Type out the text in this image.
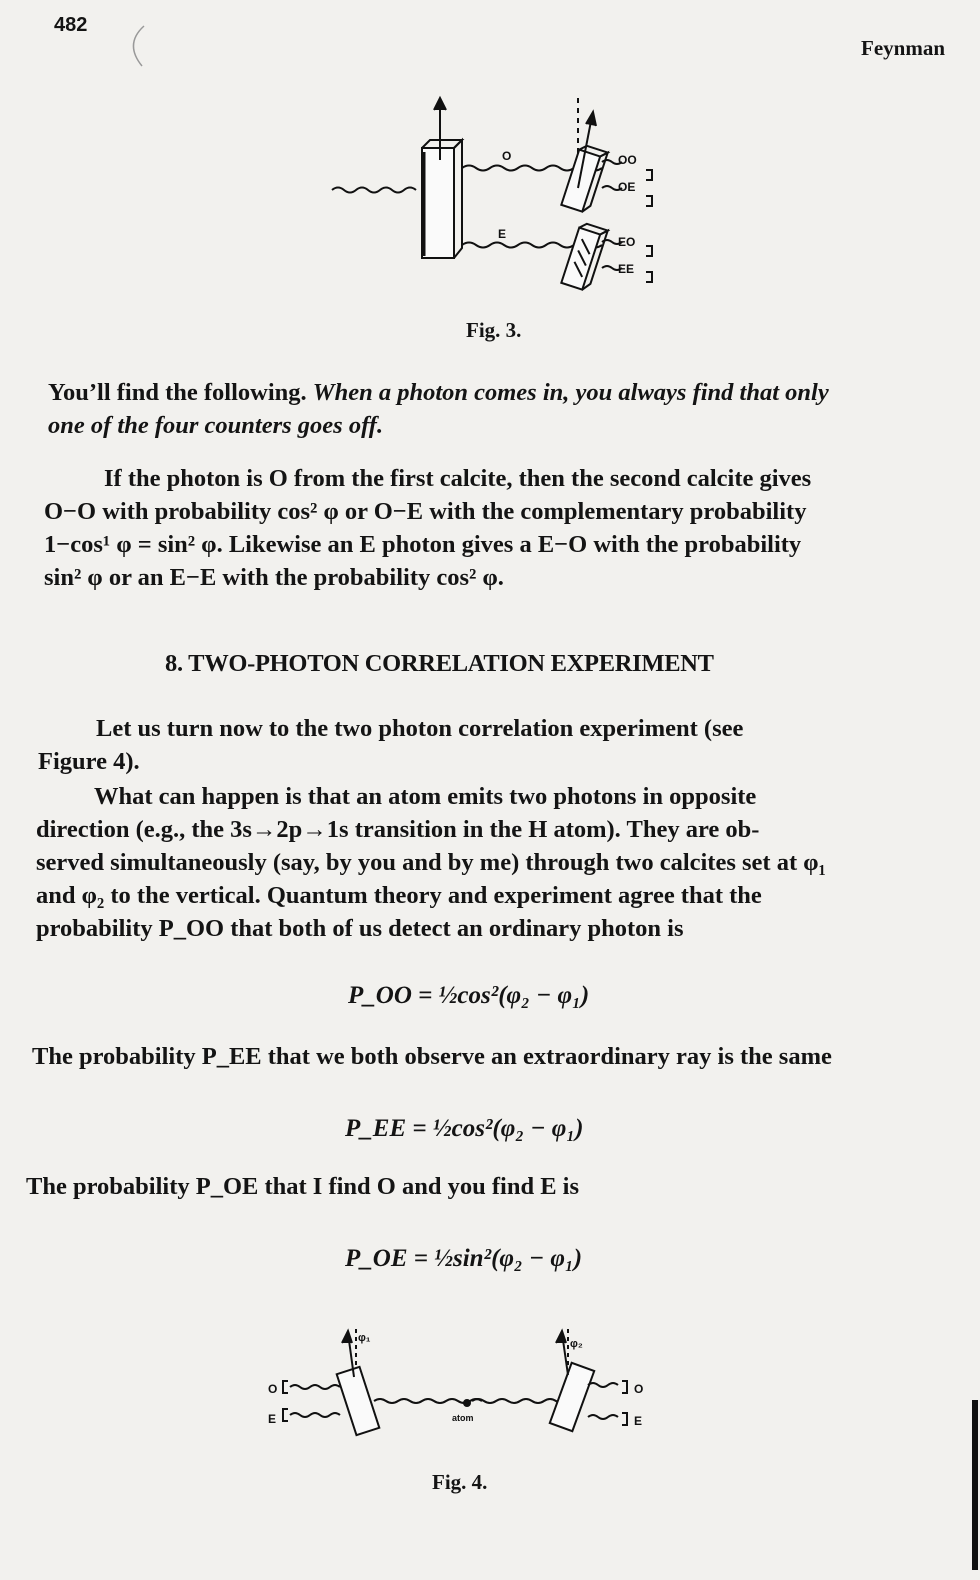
482
Feynman
O
E
OO
OE
EO
EE
Fig. 3.
You’ll find the following. When a photon comes in, you always find that only
one of the four counters goes off.
If the photon is O from the first calcite, then the second calcite gives
O−O with probability cos² φ or O−E with the complementary probability
1−cos¹ φ = sin² φ. Likewise an E photon gives a E−O with the probability
sin² φ or an E−E with the probability cos² φ.
8. TWO-PHOTON CORRELATION EXPERIMENT
Let us turn now to the two photon correlation experiment (see
Figure 4).
What can happen is that an atom emits two photons in opposite
direction (e.g., the 3s→2p→1s transition in the H atom). They are ob-
served simultaneously (say, by you and by me) through two calcites set at φ₁
and φ₂ to the vertical. Quantum theory and experiment agree that the
probability P_OO that both of us detect an ordinary photon is
P_OO = ½cos²(φ₂ − φ₁)
The probability P_EE that we both observe an extraordinary ray is the same
P_EE = ½cos²(φ₂ − φ₁)
The probability P_OE that I find O and you find E is
P_OE = ½sin²(φ₂ − φ₁)
O
E
O
E
atom
φ₁	φ₂
Fig. 4.
